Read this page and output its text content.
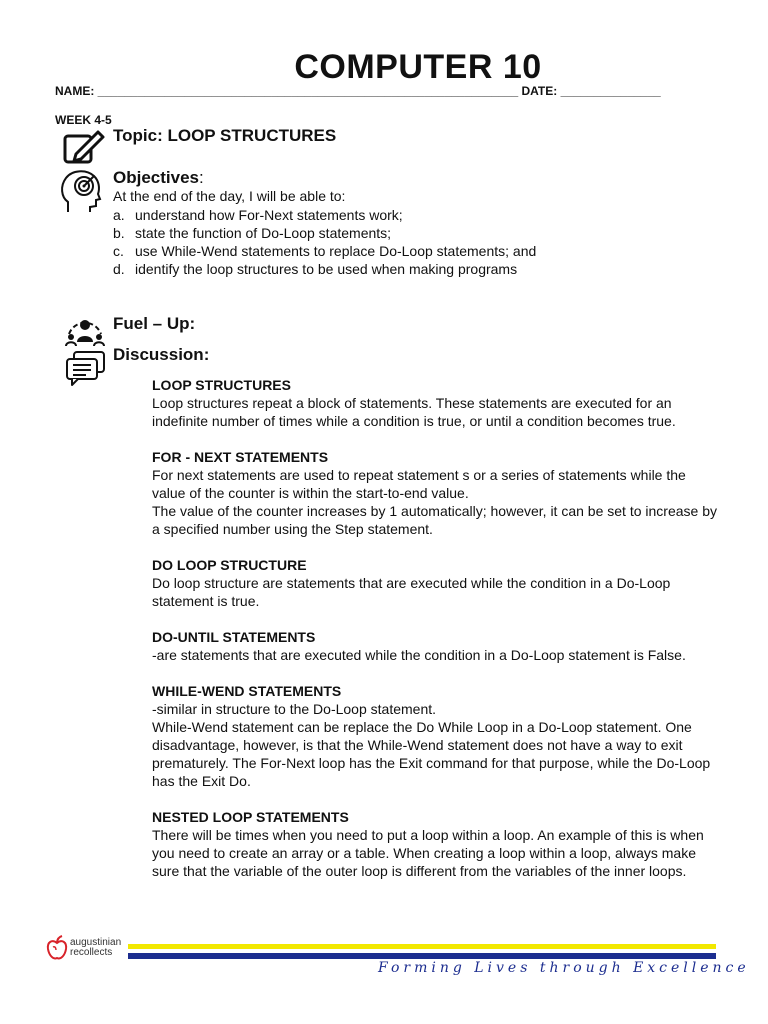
COMPUTER 10
NAME: _______________________________________________________________ DATE: _______________
WEEK 4-5
Topic: LOOP STRUCTURES
Objectives:
At the end of the day, I will be able to:
a. understand how For-Next statements work;
b. state the function of Do-Loop statements;
c. use While-Wend statements to replace Do-Loop statements; and
d. identify the loop structures to be used when making programs
Fuel – Up:
Discussion:
LOOP STRUCTURES

Loop structures repeat a block of statements. These statements are executed for an indefinite number of times while a condition is true, or until a condition becomes true.

FOR - NEXT STATEMENTS

For next statements are used to repeat statement s or a series of statements while the value of the counter is within the start-to-end value.

The value of the counter increases by 1 automatically; however, it can be set to increase by a specified number using the Step statement.

DO LOOP STRUCTURE

Do loop structure are statements that are executed while the condition in a Do-Loop statement is true.

DO-UNTIL STATEMENTS

-are statements that are executed while the condition in a Do-Loop statement is False.

WHILE-WEND STATEMENTS

-similar in structure to the Do-Loop statement.

While-Wend statement can be replace the Do While Loop in a Do-Loop statement. One disadvantage, however, is that the While-Wend statement does not have a way to exit prematurely. The For-Next loop has the Exit command for that purpose, while the Do-Loop has the Exit Do.

NESTED LOOP STATEMENTS

There will be times when you need to put a loop within a loop. An example of this is when you need to create an array or a table. When creating a loop within a loop, always make sure that the variable of the outer loop is different from the variables of the inner loops.

augustinian
recollects
Forming Lives through Excellence
